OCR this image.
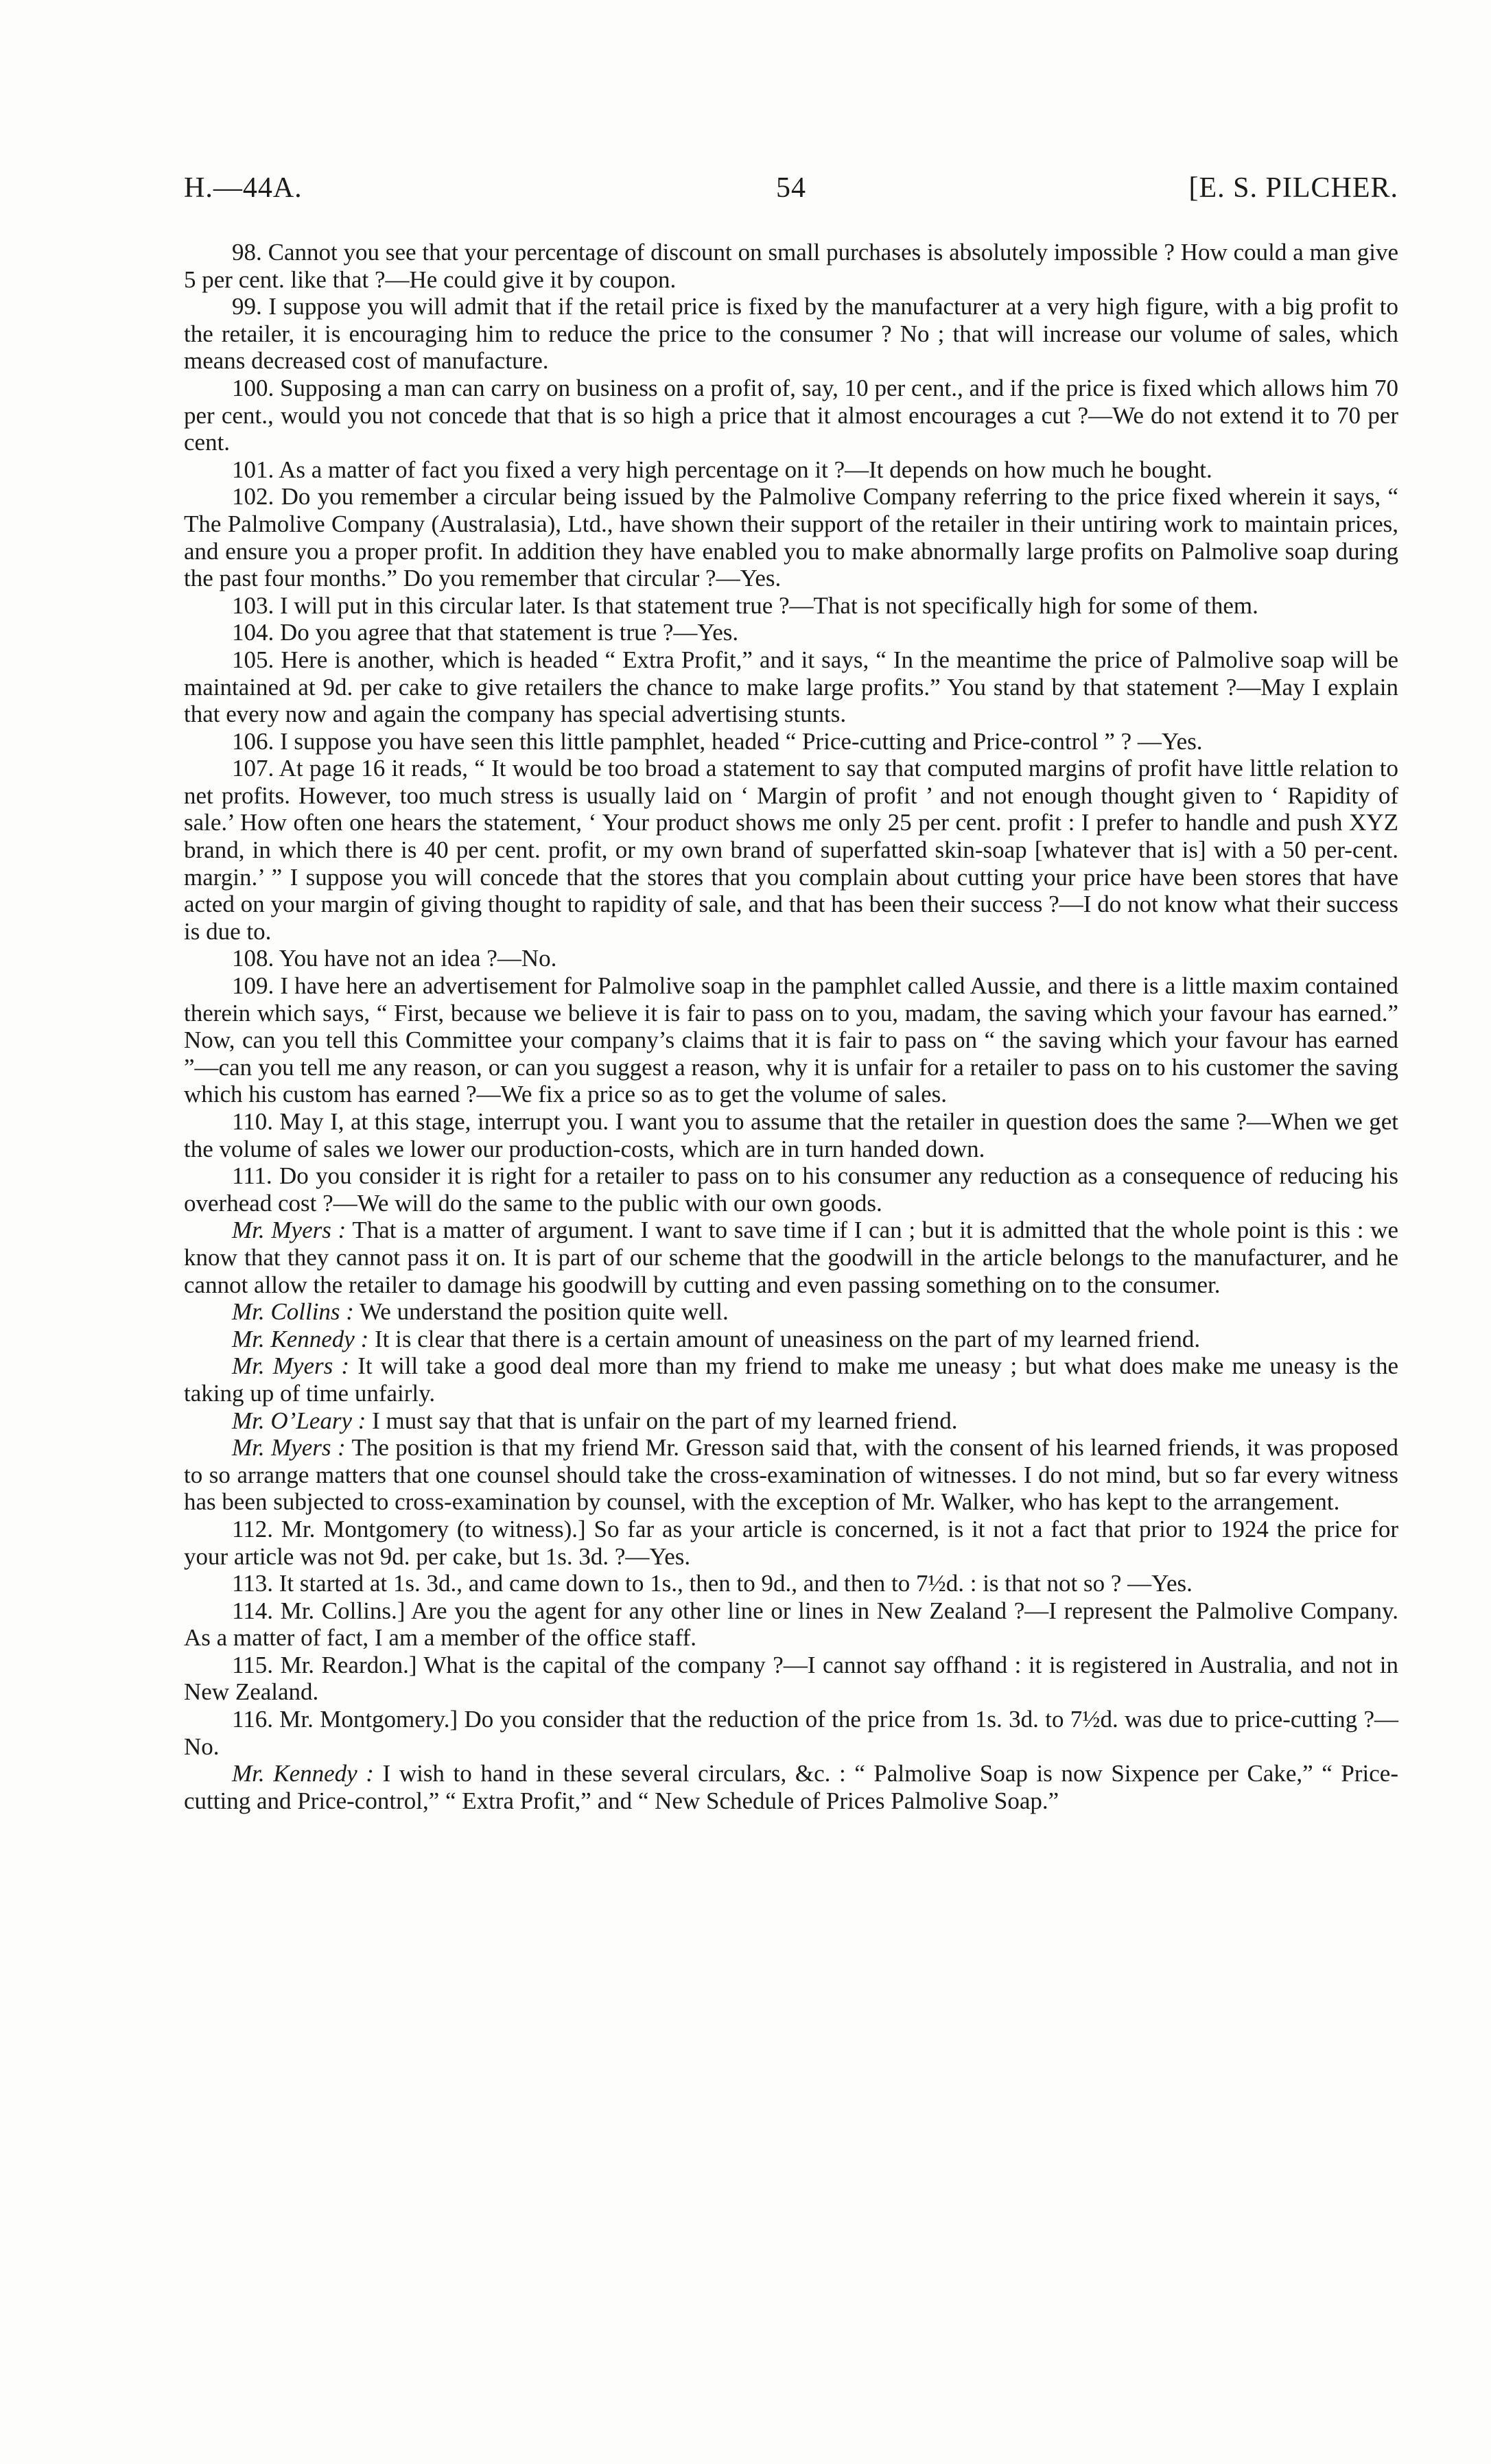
H.—44A.	54	[E. S. PILCHER.

98. Cannot you see that your percentage of discount on small purchases is absolutely impossible ? How could a man give 5 per cent. like that ?—He could give it by coupon.

99. I suppose you will admit that if the retail price is fixed by the manufacturer at a very high figure, with a big profit to the retailer, it is encouraging him to reduce the price to the consumer ? No ; that will increase our volume of sales, which means decreased cost of manufacture.

100. Supposing a man can carry on business on a profit of, say, 10 per cent., and if the price is fixed which allows him 70 per cent., would you not concede that that is so high a price that it almost encourages a cut ?—We do not extend it to 70 per cent.

101. As a matter of fact you fixed a very high percentage on it ?—It depends on how much he bought.

102. Do you remember a circular being issued by the Palmolive Company referring to the price fixed wherein it says, “ The Palmolive Company (Australasia), Ltd., have shown their support of the retailer in their untiring work to maintain prices, and ensure you a proper profit. In addition they have enabled you to make abnormally large profits on Palmolive soap during the past four months.” Do you remember that circular ?—Yes.

103. I will put in this circular later. Is that statement true ?—That is not specifically high for some of them.

104. Do you agree that that statement is true ?—Yes.

105. Here is another, which is headed “ Extra Profit,” and it says, “ In the meantime the price of Palmolive soap will be maintained at 9d. per cake to give retailers the chance to make large profits.” You stand by that statement ?—May I explain that every now and again the company has special advertising stunts.

106. I suppose you have seen this little pamphlet, headed “ Price-cutting and Price-control ” ? —Yes.

107. At page 16 it reads, “ It would be too broad a statement to say that computed margins of profit have little relation to net profits. However, too much stress is usually laid on ‘ Margin of profit ’ and not enough thought given to ‘ Rapidity of sale.’ How often one hears the statement, ‘ Your product shows me only 25 per cent. profit : I prefer to handle and push XYZ brand, in which there is 40 per cent. profit, or my own brand of superfatted skin-soap [whatever that is] with a 50 per-cent. margin.’ ” I suppose you will concede that the stores that you complain about cutting your price have been stores that have acted on your margin of giving thought to rapidity of sale, and that has been their success ?—I do not know what their success is due to.

108. You have not an idea ?—No.

109. I have here an advertisement for Palmolive soap in the pamphlet called Aussie, and there is a little maxim contained therein which says, “ First, because we believe it is fair to pass on to you, madam, the saving which your favour has earned.” Now, can you tell this Committee your company’s claims that it is fair to pass on “ the saving which your favour has earned ”—can you tell me any reason, or can you suggest a reason, why it is unfair for a retailer to pass on to his customer the saving which his custom has earned ?—We fix a price so as to get the volume of sales.

110. May I, at this stage, interrupt you. I want you to assume that the retailer in question does the same ?—When we get the volume of sales we lower our production-costs, which are in turn handed down.

111. Do you consider it is right for a retailer to pass on to his consumer any reduction as a consequence of reducing his overhead cost ?—We will do the same to the public with our own goods.

Mr. Myers : That is a matter of argument. I want to save time if I can ; but it is admitted that the whole point is this : we know that they cannot pass it on. It is part of our scheme that the goodwill in the article belongs to the manufacturer, and he cannot allow the retailer to damage his goodwill by cutting and even passing something on to the consumer.

Mr. Collins : We understand the position quite well.

Mr. Kennedy : It is clear that there is a certain amount of uneasiness on the part of my learned friend.

Mr. Myers : It will take a good deal more than my friend to make me uneasy ; but what does make me uneasy is the taking up of time unfairly.

Mr. O’Leary : I must say that that is unfair on the part of my learned friend.

Mr. Myers : The position is that my friend Mr. Gresson said that, with the consent of his learned friends, it was proposed to so arrange matters that one counsel should take the cross-examination of witnesses. I do not mind, but so far every witness has been subjected to cross-examination by counsel, with the exception of Mr. Walker, who has kept to the arrangement.

112. Mr. Montgomery (to witness).] So far as your article is concerned, is it not a fact that prior to 1924 the price for your article was not 9d. per cake, but 1s. 3d. ?—Yes.

113. It started at 1s. 3d., and came down to 1s., then to 9d., and then to 7½d. : is that not so ? —Yes.

114. Mr. Collins.] Are you the agent for any other line or lines in New Zealand ?—I represent the Palmolive Company. As a matter of fact, I am a member of the office staff.

115. Mr. Reardon.] What is the capital of the company ?—I cannot say offhand : it is registered in Australia, and not in New Zealand.

116. Mr. Montgomery.] Do you consider that the reduction of the price from 1s. 3d. to 7½d. was due to price-cutting ?—No.

Mr. Kennedy : I wish to hand in these several circulars, &c. : “ Palmolive Soap is now Sixpence per Cake,” “ Price-cutting and Price-control,” “ Extra Profit,” and “ New Schedule of Prices Palmolive Soap.”
